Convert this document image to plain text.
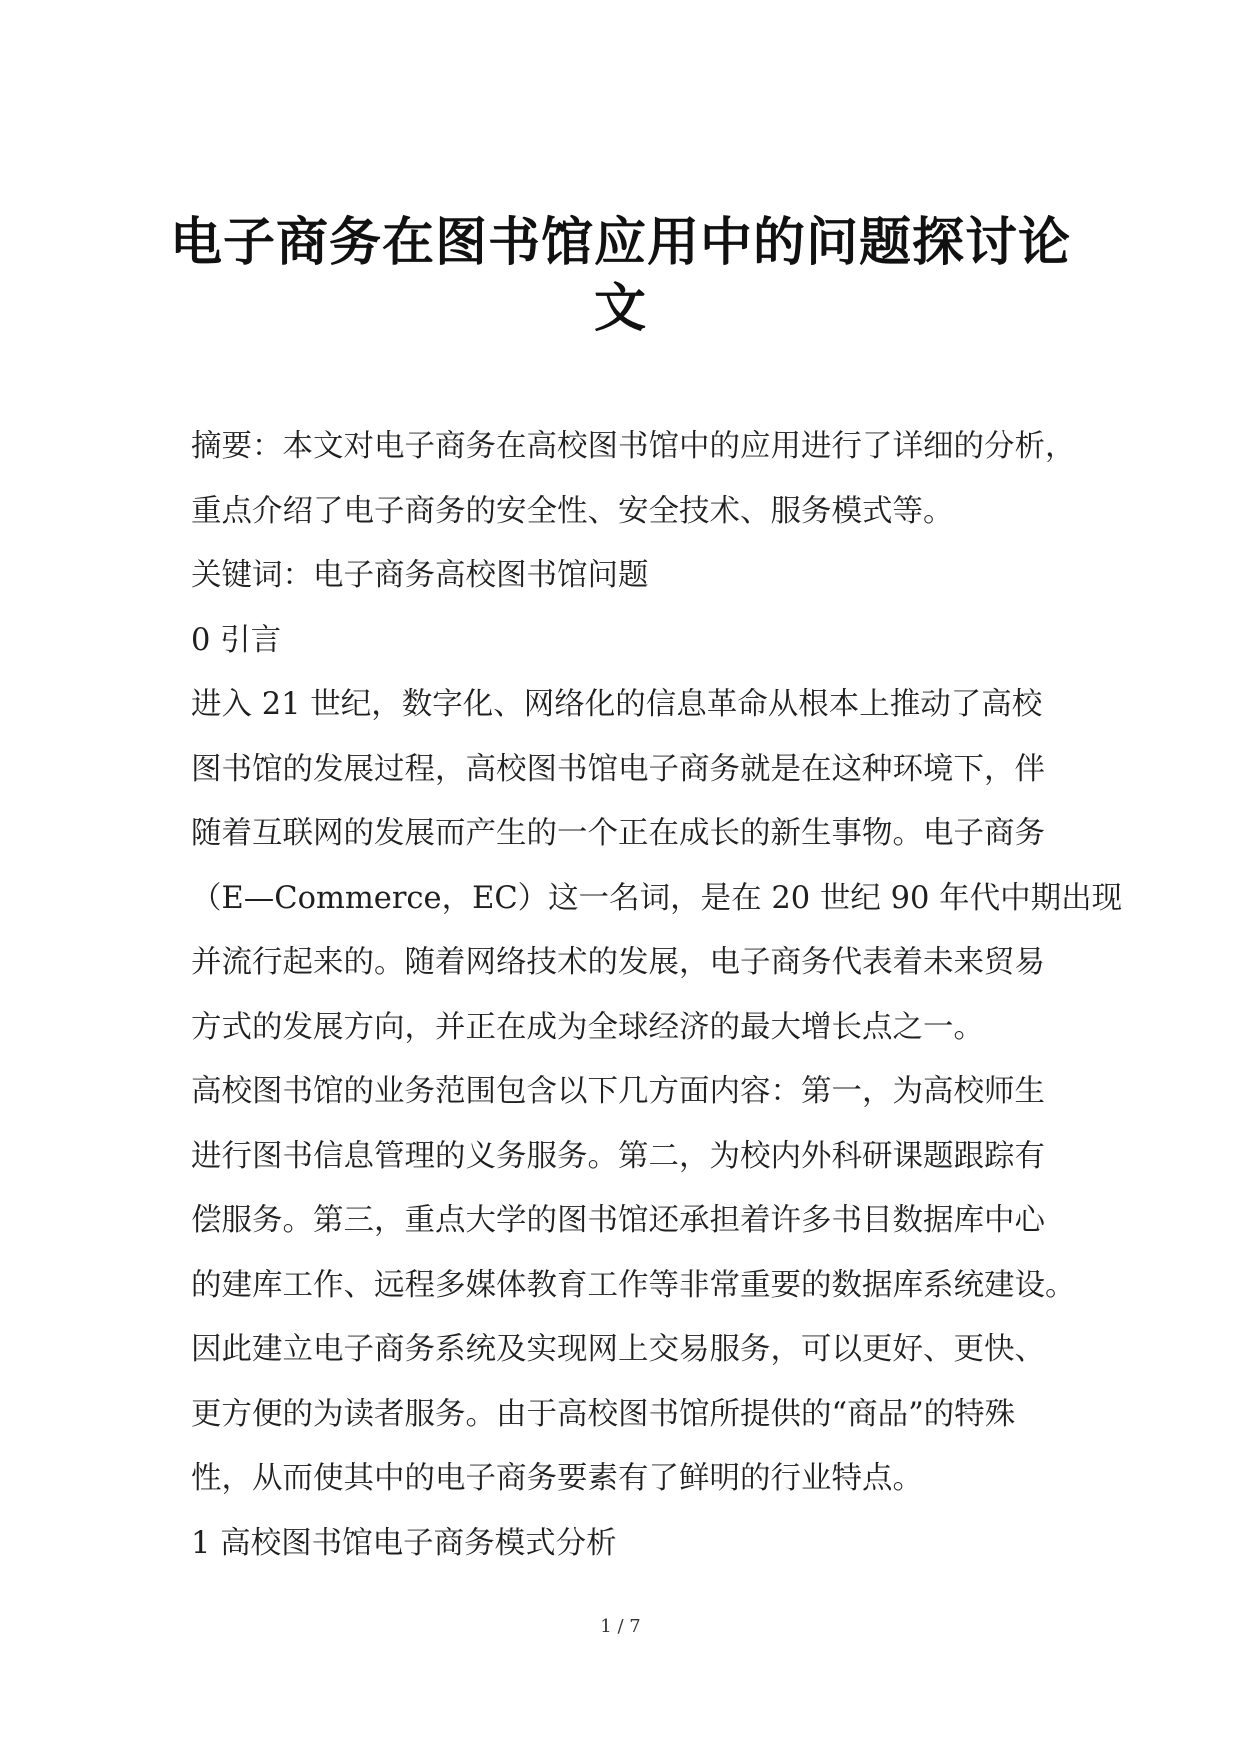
电子商务在图书馆应用中的问题探讨论
文
摘要：本文对电子商务在高校图书馆中的应用进行了详细的分析，
重点介绍了电子商务的安全性、安全技术、服务模式等。
关键词：电子商务高校图书馆问题
0 引言
进入 21 世纪，数字化、网络化的信息革命从根本上推动了高校
图书馆的发展过程，高校图书馆电子商务就是在这种环境下，伴
随着互联网的发展而产生的一个正在成长的新生事物。电子商务
（E—Commerce，EC）这一名词，是在 20 世纪 90 年代中期出现
并流行起来的。随着网络技术的发展，电子商务代表着未来贸易
方式的发展方向，并正在成为全球经济的最大增长点之一。
高校图书馆的业务范围包含以下几方面内容：第一，为高校师生
进行图书信息管理的义务服务。第二，为校内外科研课题跟踪有
偿服务。第三，重点大学的图书馆还承担着许多书目数据库中心
的建库工作、远程多媒体教育工作等非常重要的数据库系统建设。
因此建立电子商务系统及实现网上交易服务，可以更好、更快、
更方便的为读者服务。由于高校图书馆所提供的“商品”的特殊
性，从而使其中的电子商务要素有了鲜明的行业特点。
1 高校图书馆电子商务模式分析
1 / 7
